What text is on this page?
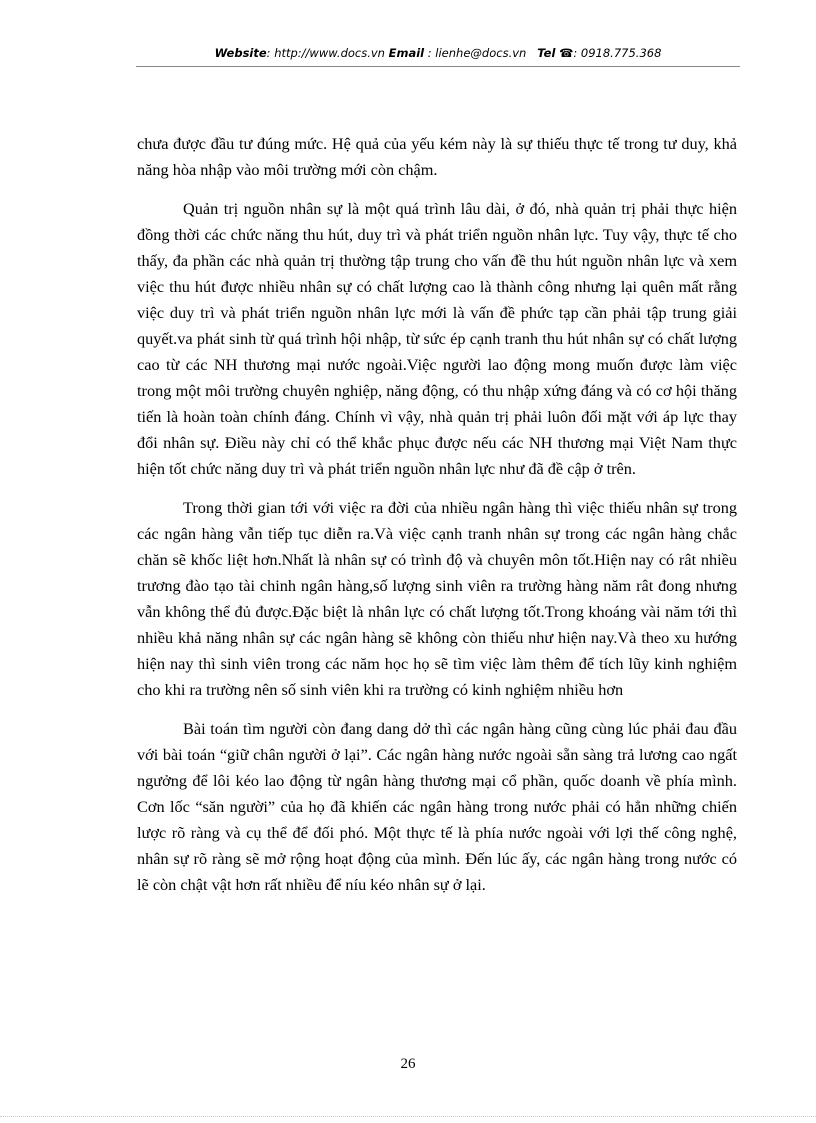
Website: http://www.docs.vn Email : lienhe@docs.vn Tel ☎: 0918.775.368

chưa được đầu tư đúng mức. Hệ quả của yếu kém này là sự thiếu thực tế trong tư duy, khả năng hòa nhập vào môi trường mới còn chậm.

Quản trị nguồn nhân sự là một quá trình lâu dài, ở đó, nhà quản trị phải thực hiện đồng thời các chức năng thu hút, duy trì và phát triển nguồn nhân lực. Tuy vậy, thực tế cho thấy, đa phần các nhà quản trị thường tập trung cho vấn đề thu hút nguồn nhân lực và xem việc thu hút được nhiều nhân sự có chất lượng cao là thành công nhưng lại quên mất rằng việc duy trì và phát triển nguồn nhân lực mới là vấn đề phức tạp cần phải tập trung giải quyết.va phát sinh từ quá trình hội nhập, từ sức ép cạnh tranh thu hút nhân sự có chất lượng cao từ các NH thương mại nước ngoài.Việc người lao động mong muốn được làm việc trong một môi trường chuyên nghiệp, năng động, có thu nhập xứng đáng và có cơ hội thăng tiến là hoàn toàn chính đáng. Chính vì vậy, nhà quản trị phải luôn đối mặt với áp lực thay đổi nhân sự. Điều này chỉ có thể khắc phục được nếu các NH thương mại Việt Nam thực hiện tốt chức năng duy trì và phát triển nguồn nhân lực như đã đề cập ở trên.

Trong thời gian tới với việc ra đời của nhiều ngân hàng thì việc thiếu nhân sự trong các ngân hàng vẫn tiếp tục diễn ra.Và việc cạnh tranh nhân sự trong các ngân hàng chắc chăn sẽ khốc liệt hơn.Nhất là nhân sự có trình độ và chuyên môn tốt.Hiện nay có rât nhiều trương đào tạo tài chinh ngân hàng,số lượng sinh viên ra trường hàng năm rât đong nhưng vẫn không thể đủ được.Đặc biệt là nhân lực có chất lượng tốt.Trong khoáng vài năm tới thì nhiều khả năng nhân sự các ngân hàng sẽ không còn thiếu như hiện nay.Và theo xu hướng hiện nay thì sinh viên trong các năm học họ sẽ tìm việc làm thêm để tích lũy kinh nghiệm cho khi ra trường nên số sinh viên khi ra trường có kinh nghiệm nhiều hơn

Bài toán tìm người còn đang dang dở thì các ngân hàng cũng cùng lúc phải đau đầu với bài toán “giữ chân người ở lại”. Các ngân hàng nước ngoài sẵn sàng trả lương cao ngất ngưởng để lôi kéo lao động từ ngân hàng thương mại cổ phần, quốc doanh về phía mình. Cơn lốc “săn người” của họ đã khiến các ngân hàng trong nước phải có hẳn những chiến lược rõ ràng và cụ thể để đối phó. Một thực tế là phía nước ngoài với lợi thế công nghệ, nhân sự rõ ràng sẽ mở rộng hoạt động của mình. Đến lúc ấy, các ngân hàng trong nước có lẽ còn chật vật hơn rất nhiều để níu kéo nhân sự ở lại.

26
